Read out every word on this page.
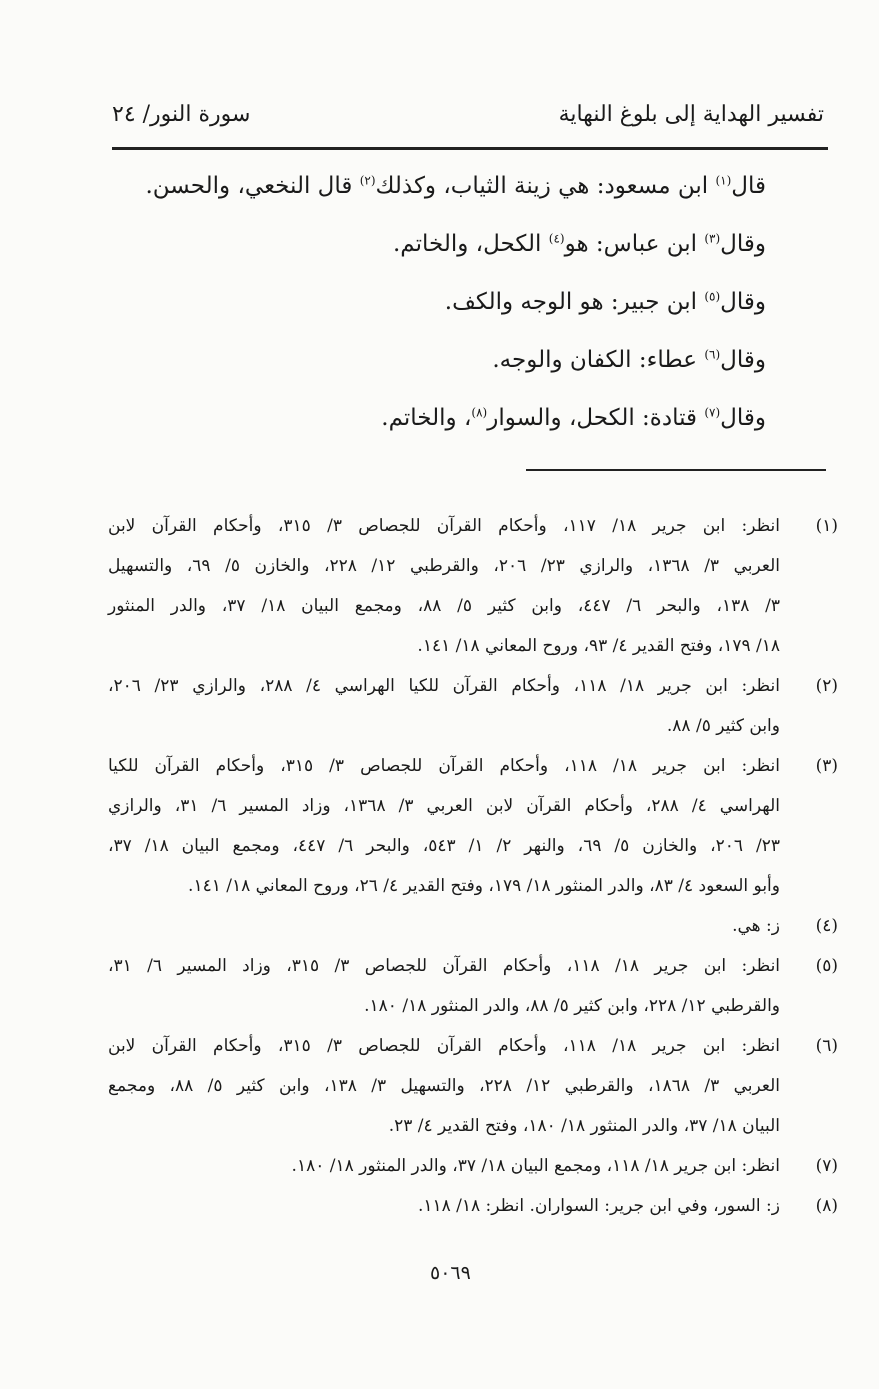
تفسير الهداية إلى بلوغ النهاية
سورة النور/ ٢٤
قال$^{(١)}$ ابن مسعود: هي زينة الثياب، وكذلك$^{(٢)}$ قال النخعي، والحسن.
وقال$^{(٣)}$ ابن عباس: هو$^{(٤)}$ الكحل، والخاتم.
وقال$^{(٥)}$ ابن جبير: هو الوجه والكف.
وقال$^{(٦)}$ عطاء: الكفان والوجه.
وقال$^{(٧)}$ قتادة: الكحل، والسوار$^{(٨)}$، والخاتم.
(١)
انظر: ابن جرير ١٨/ ١١٧، وأحكام القرآن للجصاص ٣/ ٣١٥، وأحكام القرآن لابن
العربي ٣/ ١٣٦٨، والرازي ٢٣/ ٢٠٦، والقرطبي ١٢/ ٢٢٨، والخازن ٥/ ٦٩، والتسهيل
٣/ ١٣٨، والبحر ٦/ ٤٤٧، وابن كثير ٥/ ٨٨، ومجمع البيان ١٨/ ٣٧، والدر المنثور
١٨/ ١٧٩، وفتح القدير ٤/ ٩٣، وروح المعاني ١٨/ ١٤١.
(٢)
انظر: ابن جرير ١٨/ ١١٨، وأحكام القرآن للكيا الهراسي ٤/ ٢٨٨، والرازي ٢٣/ ٢٠٦،
وابن كثير ٥/ ٨٨.
(٣)
انظر: ابن جرير ١٨/ ١١٨، وأحكام القرآن للجصاص ٣/ ٣١٥، وأحكام القرآن للكيا
الهراسي ٤/ ٢٨٨، وأحكام القرآن لابن العربي ٣/ ١٣٦٨، وزاد المسير ٦/ ٣١، والرازي
٢٣/ ٢٠٦، والخازن ٥/ ٦٩، والنهر ٢/ ١/ ٥٤٣، والبحر ٦/ ٤٤٧، ومجمع البيان ١٨/ ٣٧،
وأبو السعود ٤/ ٨٣، والدر المنثور ١٨/ ١٧٩، وفتح القدير ٤/ ٢٦، وروح المعاني ١٨/ ١٤١.
(٤)
ز: هي.
(٥)
انظر: ابن جرير ١٨/ ١١٨، وأحكام القرآن للجصاص ٣/ ٣١٥، وزاد المسير ٦/ ٣١،
والقرطبي ١٢/ ٢٢٨، وابن كثير ٥/ ٨٨، والدر المنثور ١٨/ ١٨٠.
(٦)
انظر: ابن جرير ١٨/ ١١٨، وأحكام القرآن للجصاص ٣/ ٣١٥، وأحكام القرآن لابن
العربي ٣/ ١٨٦٨، والقرطبي ١٢/ ٢٢٨، والتسهيل ٣/ ١٣٨، وابن كثير ٥/ ٨٨، ومجمع
البيان ١٨/ ٣٧، والدر المنثور ١٨/ ١٨٠، وفتح القدير ٤/ ٢٣.
(٧)
انظر: ابن جرير ١٨/ ١١٨، ومجمع البيان ١٨/ ٣٧، والدر المنثور ١٨/ ١٨٠.
(٨)
ز: السور، وفي ابن جرير: السواران. انظر: ١٨/ ١١٨.
٥٠٦٩
